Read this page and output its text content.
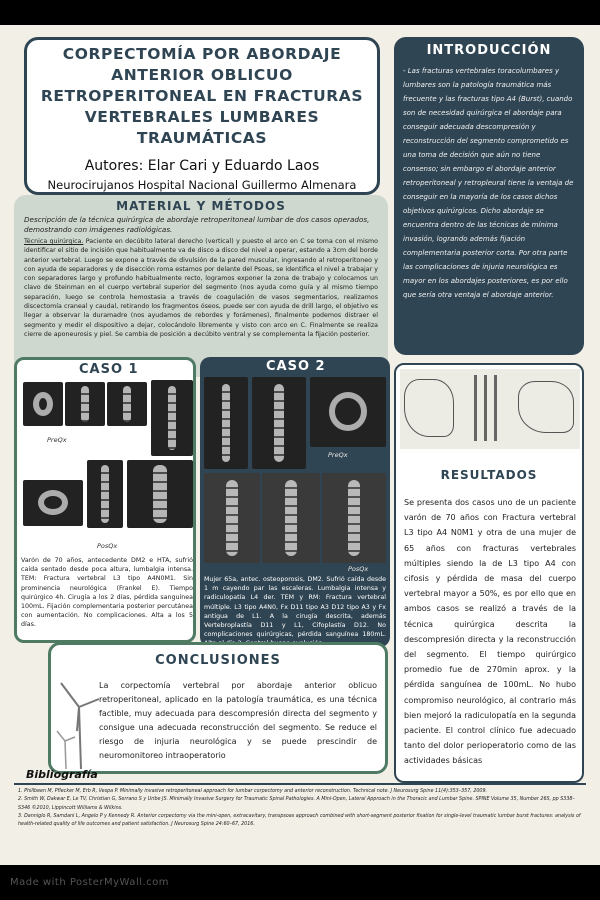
CORPECTOMÍA POR ABORDAJE
ANTERIOR OBLICUO
RETROPERITONEAL EN FRACTURAS
VERTEBRALES LUMBARES
TRAUMÁTICAS
Autores: Elar Cari y Eduardo Laos
Neurocirujanos Hospital Nacional Guillermo Almenara
INTRODUCCIÓN
- Las fracturas vertebrales toracolumbares y lumbares son la patología traumática más frecuente y las fracturas tipo A4 (Burst), cuando son de necesidad quirúrgica el abordaje para conseguir adecuada descompresión y reconstrucción del segmento comprometido es una toma de decisión que aún no tiene consenso; sin embargo el abordaje anterior retroperitoneal y retropleural tiene la ventaja de conseguir en la mayoría de los casos dichos objetivos quirúrgicos. Dicho abordaje se encuentra dentro de las técnicas de mínima invasión, logrando además fijación complementaria posterior corta. Por otra parte las complicaciones de injuria neurológica es mayor en los abordajes posteriores, es por ello que sería otra ventaja el abordaje anterior.
MATERIAL Y MÉTODOS
Descripción de la técnica quirúrgica de abordaje retroperitoneal lumbar de dos casos operados, demostrando con imágenes radiológicas.
Técnica quirúrgica. Paciente en decúbito lateral derecho (vertical) y puesto el arco en C se toma con el mismo identificar el sitio de incisión que habitualmente va de disco a disco del nivel a operar, estando a 3cm del borde anterior vertebral. Luego se expone a través de divulsión de la pared muscular, ingresando al retroperitoneo y con ayuda de separadores y de disección roma estamos por delante del Psoas, se identifica el nivel a trabajar y con separadores largo y profundo habitualmente recto, logramos exponer la zona de trabajo y colocamos un clavo de Steinman en el cuerpo vertebral superior del segmento (nos ayuda como guía y al mismo tiempo separación, luego se controla hemostasia a través de coagulación de vasos segmentarios, realizamos discectomía craneal y caudal, retirando los fragmentos óseos, puede ser con ayuda de drill largo, el objetivo es llegar a observar la duramadre (nos ayudamos de rebordes y forámenes), finalmente podemos distraer el segmento y medir el dispositivo a dejar, colocándolo libremente y visto con arco en C. Finalmente se realiza cierre de aponeurosis y piel. Se cambia de posición a decúbito ventral y se complementa la fijación posterior.
CASO 1
PreQx
PosQx
Varón de 70 años, antecedente DM2 e HTA, sufrió caída sentado desde poca altura, lumbalgia intensa. TEM: Fractura vertebral L3 tipo A4N0M1. Sin prominencia neurológica (Frankel E). Tiempo quirúrgico 4h. Cirugía a los 2 días, pérdida sanguínea 100mL. Fijación complementaria posterior percutánea con aumentación. No complicaciones. Alta a los 5 días.
CASO 2
PreQx
PosQx
Mujer 65a, antec. osteoporosis, DM2. Sufrió caída desde 1 m cayendo par las escaleras. Lumbalgia intensa y radiculopatía L4 der. TEM y RM: Fractura vertebral múltiple. L3 tipo A4N0, Fx D11 tipo A3 D12 tipo A3 y Fx antigua de L1. A la cirugía descrita, además Vertebroplastía D11 y L1, Cifoplastía D12. No complicaciones quirúrgicas, pérdida sanguínea 180mL.
RESULTADOS
Se presenta dos casos uno de un paciente varón de 70 años con Fractura vertebral L3 tipo A4 N0M1 y otra de una mujer de 65 años con fracturas vertebrales múltiples siendo la de L3 tipo A4 con cifosis y pérdida de masa del cuerpo vertebral mayor a 50%, es por ello que en ambos casos se realizó a través de la técnica quirúrgica descrita la descompresión directa y la reconstrucción del segmento. El tiempo quirúrgico promedio fue de 270min aprox. y la pérdida sanguínea de 100mL. No hubo compromiso neurológico, al contrario más bien mejoró la radiculopatía en la segunda paciente. El control clínico fue adecuado tanto del dolor perioperatorio como de las actividades básicas
CONCLUSIONES
La corpectomía vertebral por abordaje anterior oblicuo retroperitoneal, aplicado en la patología traumática, es una técnica factible, muy adecuada para descompresión directa del segmento y consigue una adecuada reconstrucción del segmento. Se reduce el riesgo de injuria neurológica y se puede prescindir de neuromonitoreo intraoperatorio
Bibliografía
1. Phillbeen M, Pflecker M, Erb R, Vespa P. Minimally invasive retroperitoneal approach for lumbar corpectomy and anterior reconstruction. Technical note. J Neurosurg Spine 11(4):353–357, 2009.
2. Smith W, Dakwar E, Le TV, Christian G, Serrano S y Uribe JS. Minimally Invasive Surgery for Traumatic Spinal Pathologies. A Mini-Open, Lateral Approach in the Thoracic and Lumbar Spine. SPINE Volume 35, Number 26S, pp S338–S346 ©2010, Lippincott Williams & Wilkins.
3. Danniglo R, Samdani L, Angelo P y Kennedy R. Anterior corpectomy via the mini-open, extracavitary, transpsoas approach combined with short-segment posterior fixation for single-level traumatic lumbar burst fractures: analysis of health-related quality of life outcomes and patient satisfaction. J Neurosurg Spine 24:60–67, 2016.
Made with PosterMyWall.com
